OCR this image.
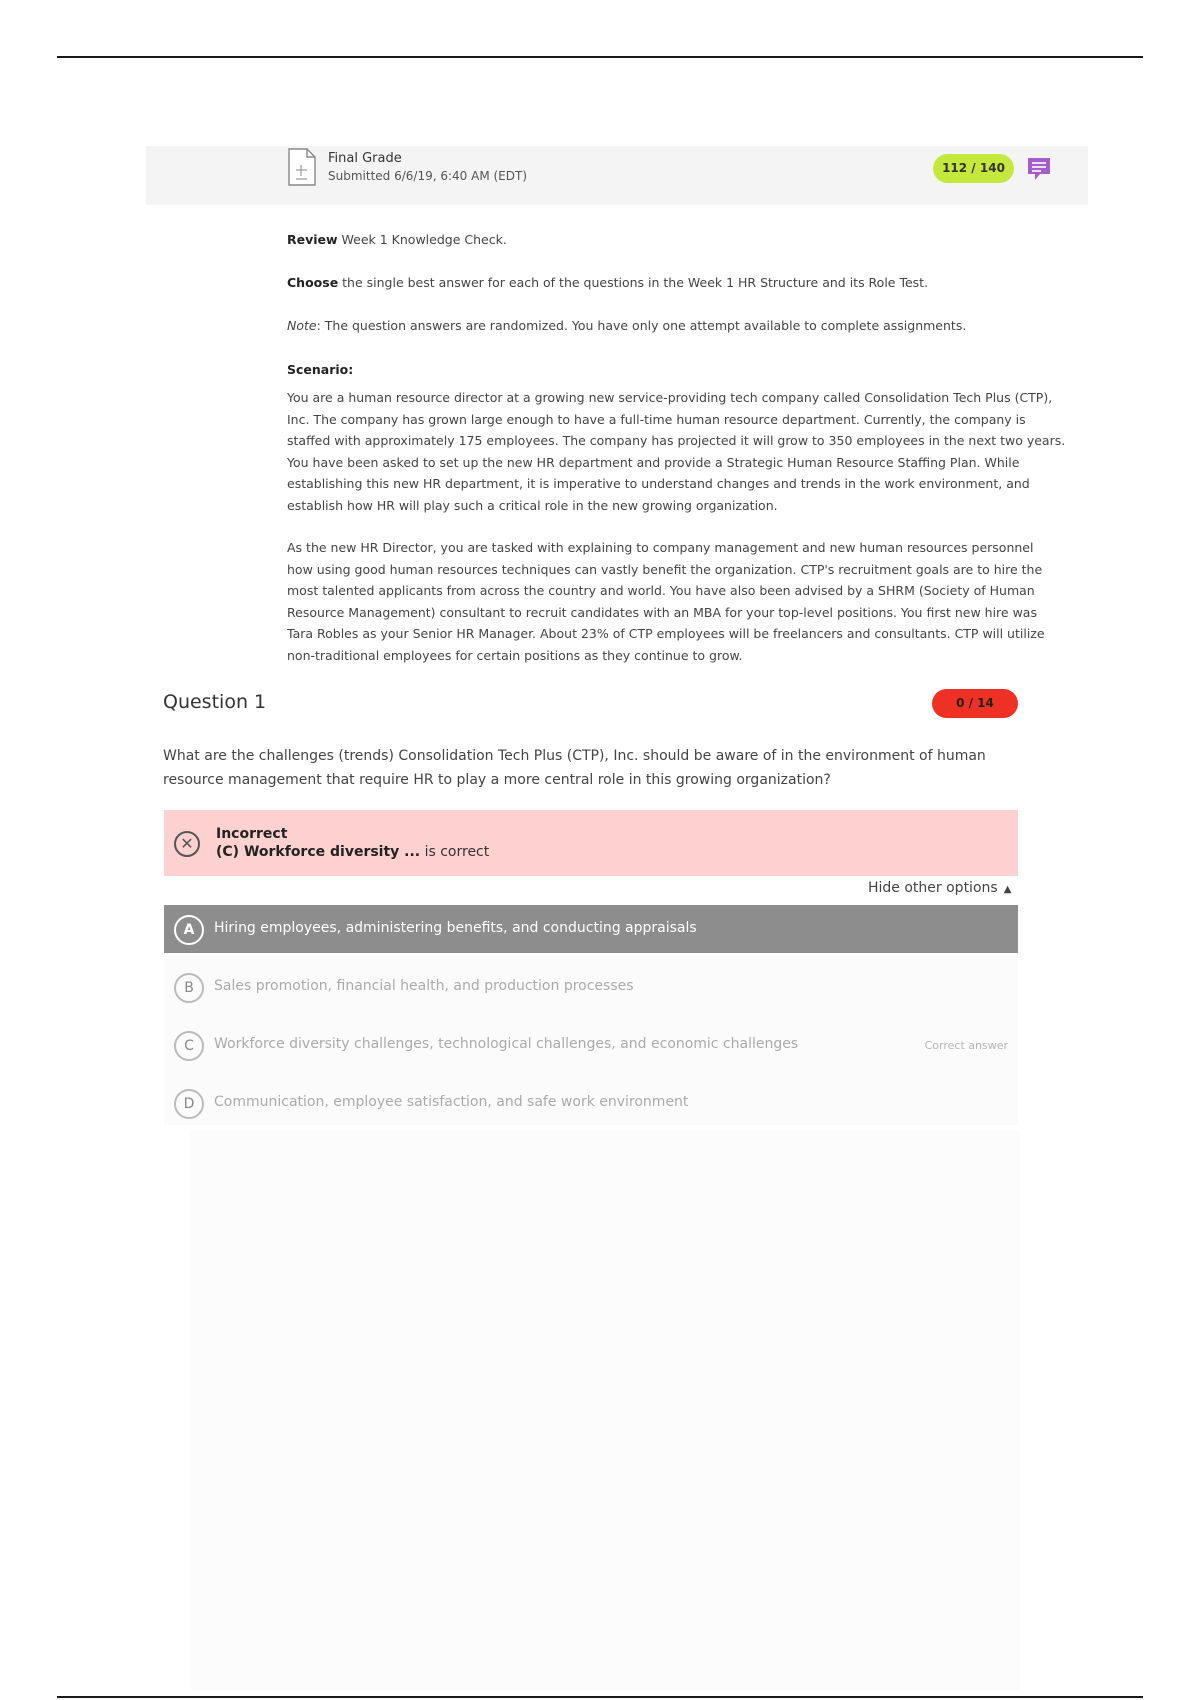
Final Grade
Submitted 6/6/19, 6:40 AM (EDT)
112 / 140

Review Week 1 Knowledge Check.

Choose the single best answer for each of the questions in the Week 1 HR Structure and its Role Test.

Note: The question answers are randomized. You have only one attempt available to complete assignments.

Scenario:

You are a human resource director at a growing new service-providing tech company called Consolidation Tech Plus (CTP),
Inc. The company has grown large enough to have a full-time human resource department. Currently, the company is
staffed with approximately 175 employees. The company has projected it will grow to 350 employees in the next two years.
You have been asked to set up the new HR department and provide a Strategic Human Resource Staffing Plan. While
establishing this new HR department, it is imperative to understand changes and trends in the work environment, and
establish how HR will play such a critical role in the new growing organization.
As the new HR Director, you are tasked with explaining to company management and new human resources personnel
how using good human resources techniques can vastly benefit the organization. CTP's recruitment goals are to hire the
most talented applicants from across the country and world. You have also been advised by a SHRM (Society of Human
Resource Management) consultant to recruit candidates with an MBA for your top-level positions. You first new hire was
Tara Robles as your Senior HR Manager. About 23% of CTP employees will be freelancers and consultants. CTP will utilize
non-traditional employees for certain positions as they continue to grow.
Question 1	0 / 14
What are the challenges (trends) Consolidation Tech Plus (CTP), Inc. should be aware of in the environment of human
resource management that require HR to play a more central role in this growing organization?
✕	Incorrect
(C) Workforce diversity ... is correct
Hide other options ▲
A	Hiring employees, administering benefits, and conducting appraisals
B	Sales promotion, financial health, and production processes
C	Workforce diversity challenges, technological challenges, and economic challenges	Correct answer
D	Communication, employee satisfaction, and safe work environment
